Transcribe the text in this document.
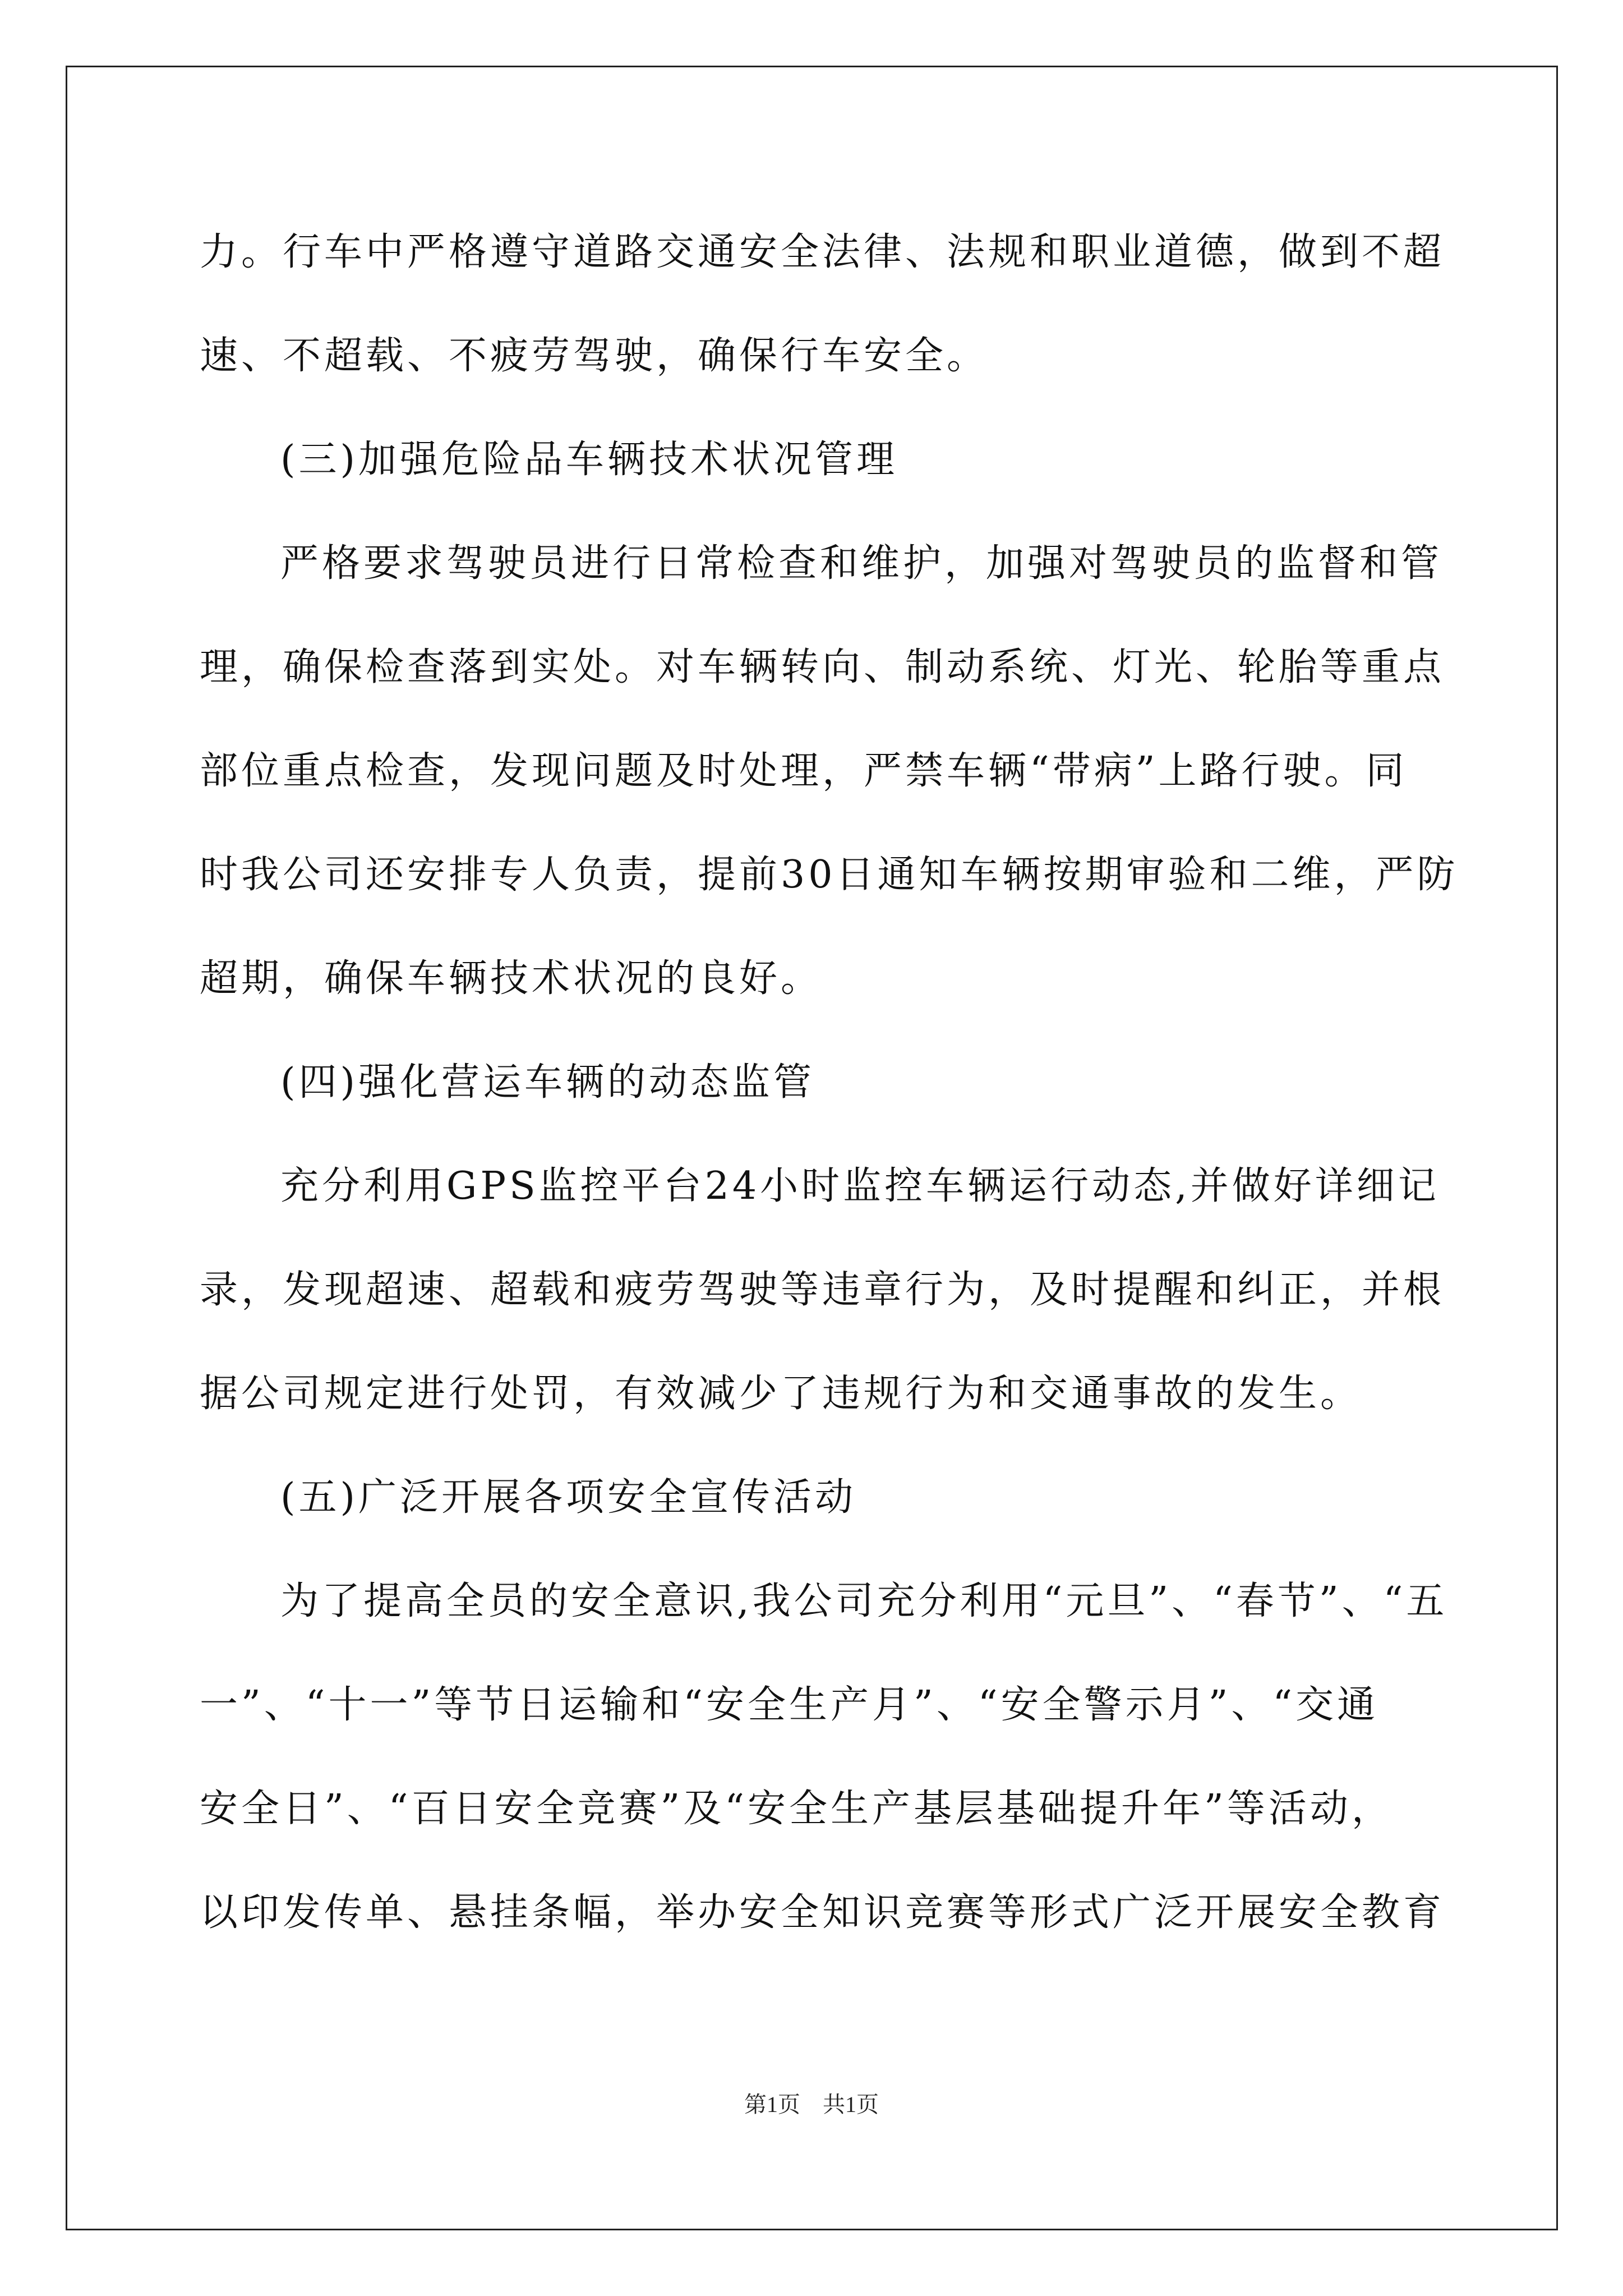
力。行车中严格遵守道路交通安全法律、法规和职业道德，做到不超
速、不超载、不疲劳驾驶，确保行车安全。
(三)加强危险品车辆技术状况管理
严格要求驾驶员进行日常检查和维护，加强对驾驶员的监督和管
理，确保检查落到实处。对车辆转向、制动系统、灯光、轮胎等重点
部位重点检查，发现问题及时处理，严禁车辆“带病”上路行驶。同
时我公司还安排专人负责，提前30日通知车辆按期审验和二维，严防
超期，确保车辆技术状况的良好。
(四)强化营运车辆的动态监管
充分利用GPS监控平台24小时监控车辆运行动态,并做好详细记
录，发现超速、超载和疲劳驾驶等违章行为，及时提醒和纠正，并根
据公司规定进行处罚，有效减少了违规行为和交通事故的发生。
(五)广泛开展各项安全宣传活动
为了提高全员的安全意识,我公司充分利用“元旦”、“春节”、“五
一”、“十一”等节日运输和“安全生产月”、“安全警示月”、“交通
安全日”、“百日安全竞赛”及“安全生产基层基础提升年”等活动，
以印发传单、悬挂条幅，举办安全知识竞赛等形式广泛开展安全教育
第1页　共1页
